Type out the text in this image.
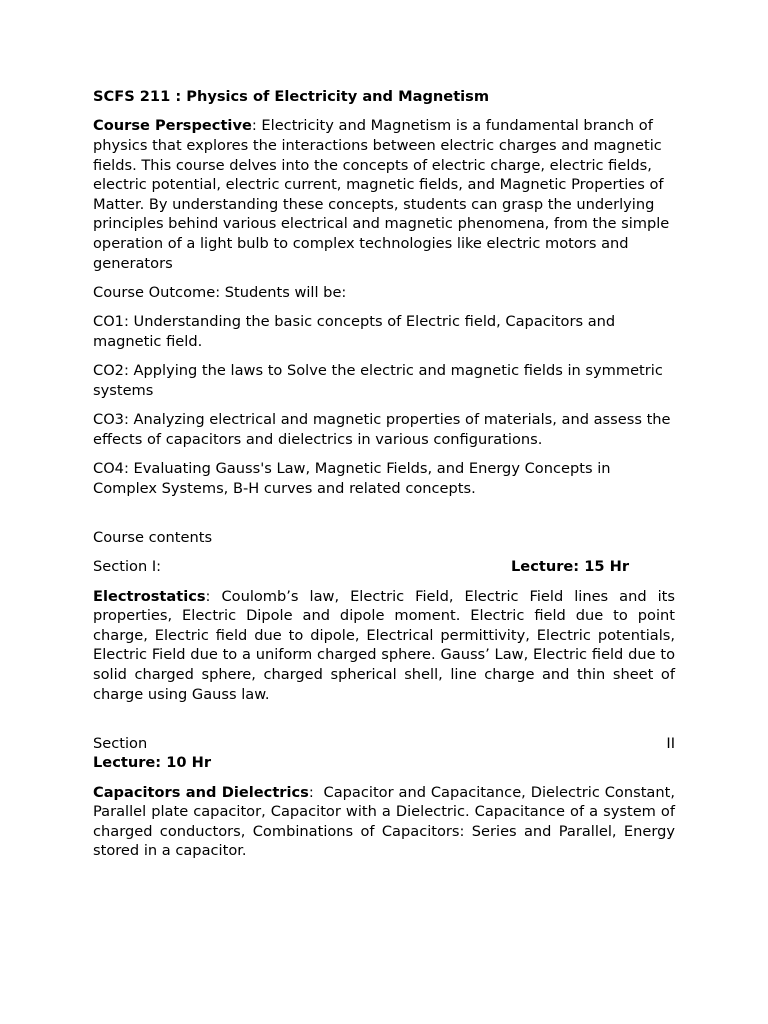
SCFS 211 : Physics of Electricity and Magnetism

Course Perspective: Electricity and Magnetism is a fundamental branch of physics that explores the interactions between electric charges and magnetic fields. This course delves into the concepts of electric charge, electric fields, electric potential, electric current, magnetic fields, and Magnetic Properties of Matter. By understanding these concepts, students can grasp the underlying principles behind various electrical and magnetic phenomena, from the simple operation of a light bulb to complex technologies like electric motors and generators

Course Outcome: Students will be:

CO1: Understanding the basic concepts of Electric field, Capacitors and magnetic field.

CO2: Applying the laws to Solve the electric and magnetic fields in symmetric systems

CO3: Analyzing electrical and magnetic properties of materials, and assess the effects of capacitors and dielectrics in various configurations.

CO4: Evaluating Gauss's Law, Magnetic Fields, and Energy Concepts in Complex Systems, B-H curves and related concepts.

Course contents

Section I:	Lecture: 15 Hr

Electrostatics: Coulomb’s law, Electric Field, Electric Field lines and its properties, Electric Dipole and dipole moment. Electric field due to point charge, Electric field due to dipole, Electrical permittivity, Electric potentials, Electric Field due to a uniform charged sphere. Gauss’ Law, Electric field due to solid charged sphere, charged spherical shell, line charge and thin sheet of charge using Gauss law.

Section	II
Lecture: 10 Hr

Capacitors and Dielectrics:  Capacitor and Capacitance, Dielectric Constant, Parallel plate capacitor, Capacitor with a Dielectric. Capacitance of a system of charged conductors, Combinations of Capacitors: Series and Parallel, Energy stored in a capacitor.
